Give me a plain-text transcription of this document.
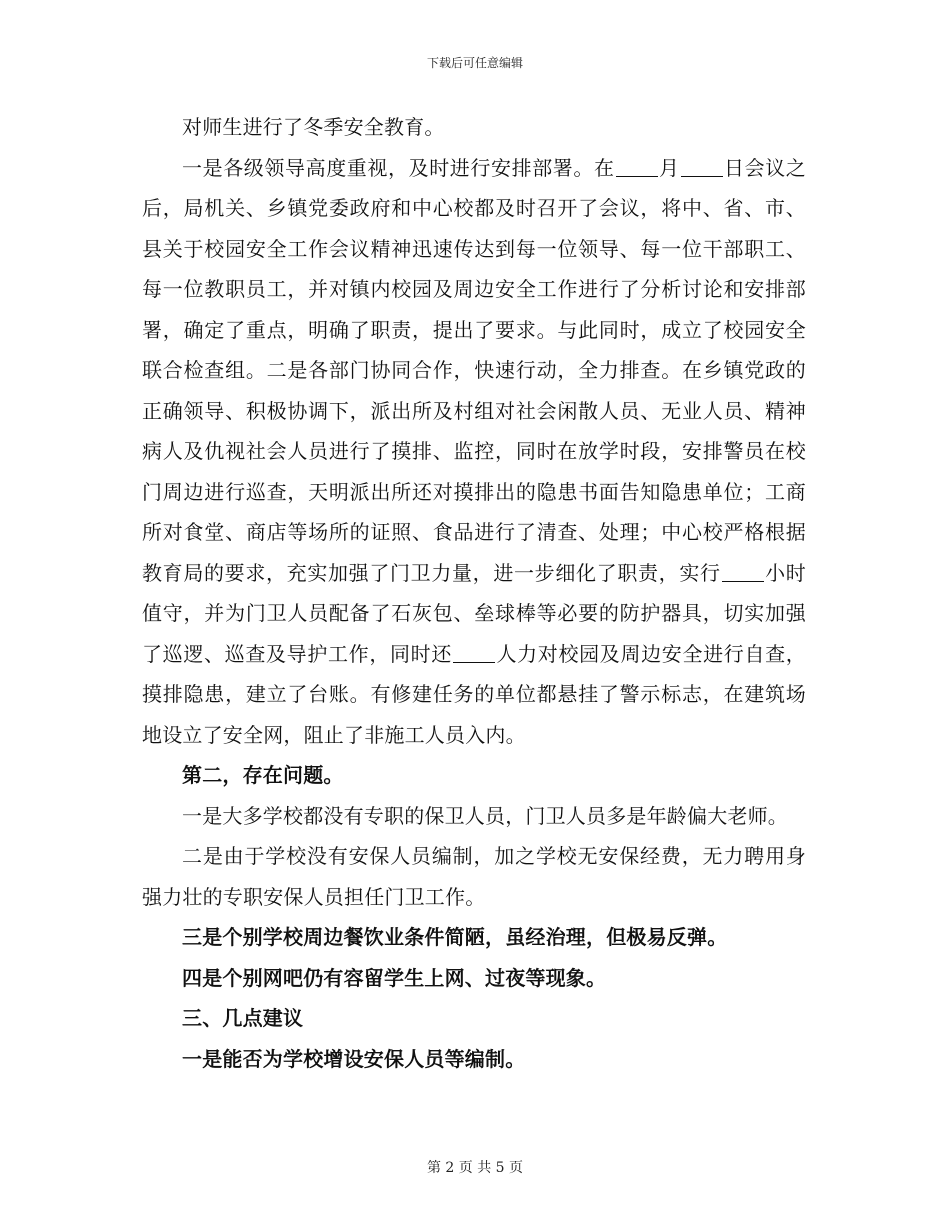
下载后可任意编辑

对师生进行了冬季安全教育。

一是各级领导高度重视，及时进行安排部署。在 月 日会议之后，局机关、乡镇党委政府和中心校都及时召开了会议，将中、省、市、县关于校园安全工作会议精神迅速传达到每一位领导、每一位干部职工、每一位教职员工，并对镇内校园及周边安全工作进行了分析讨论和安排部署，确定了重点，明确了职责，提出了要求。与此同时，成立了校园安全联合检查组。二是各部门协同合作，快速行动，全力排查。在乡镇党政的正确领导、积极协调下，派出所及村组对社会闲散人员、无业人员、精神病人及仇视社会人员进行了摸排、监控，同时在放学时段，安排警员在校门周边进行巡查，天明派出所还对摸排出的隐患书面告知隐患单位；工商所对食堂、商店等场所的证照、食品进行了清查、处理；中心校严格根据教育局的要求，充实加强了门卫力量，进一步细化了职责，实行 小时值守，并为门卫人员配备了石灰包、垒球棒等必要的防护器具，切实加强了巡逻、巡查及导护工作，同时还 人力对校园及周边安全进行自查，摸排隐患，建立了台账。有修建任务的单位都悬挂了警示标志，在建筑场地设立了安全网，阻止了非施工人员入内。

第二，存在问题。

一是大多学校都没有专职的保卫人员，门卫人员多是年龄偏大老师。

二是由于学校没有安保人员编制，加之学校无安保经费，无力聘用身强力壮的专职安保人员担任门卫工作。

三是个别学校周边餐饮业条件简陋，虽经治理，但极易反弹。

四是个别网吧仍有容留学生上网、过夜等现象。

三、几点建议

一是能否为学校增设安保人员等编制。

第 2 页 共 5 页
